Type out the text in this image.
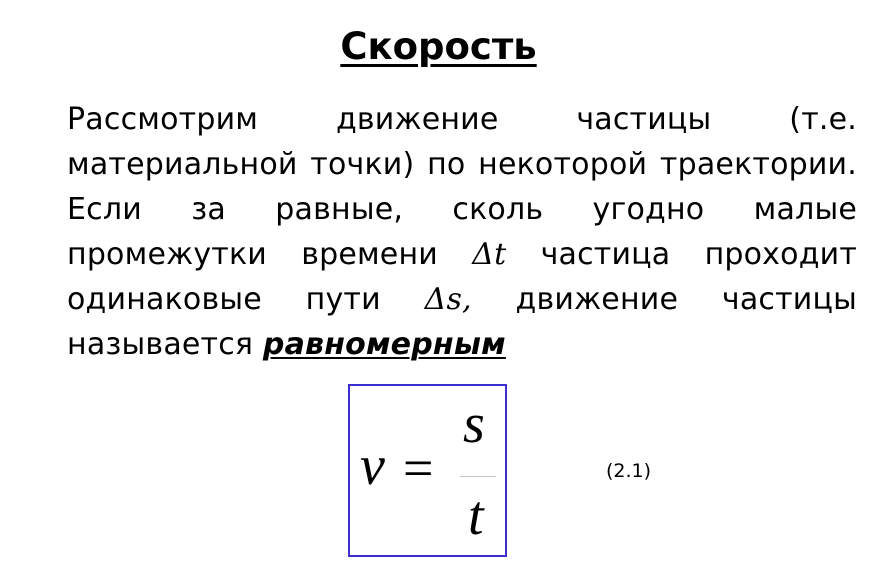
Скорость
Рассмотрим движение частицы (т.е. материальной точки) по некоторой траектории. Если за равные, сколь угодно малые промежутки времени Δt частица проходит одинаковые пути Δs, движение частицы называется равномерным
v =
s
t
(2.1)
